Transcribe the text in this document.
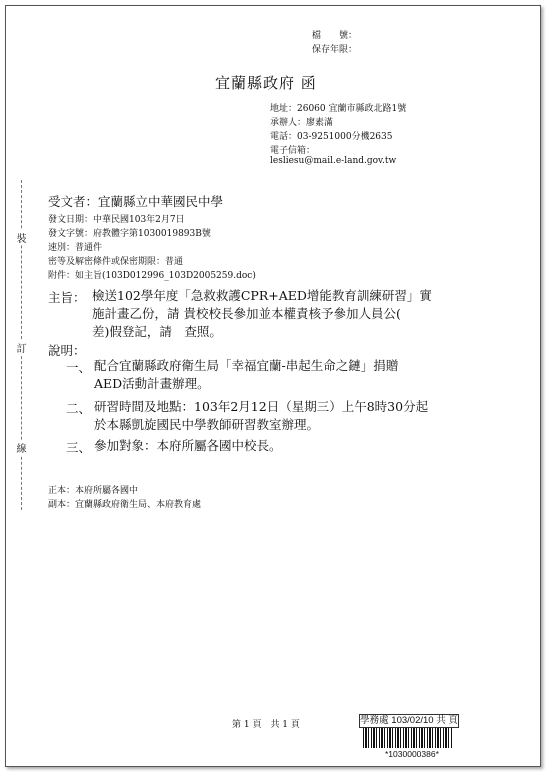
檔　　號：
保存年限：
宜蘭縣政府 函
地址：26060 宜蘭市縣政北路1號
承辦人：廖素滿
電話：03-9251000分機2635
電子信箱：
lesliesu@mail.e-land.gov.tw
受文者：宜蘭縣立中華國民中學
發文日期：中華民國103年2月7日
發文字號：府教體字第1030019893B號
速別：普通件
密等及解密條件或保密期限：普通
附件：如主旨(103D012996_103D2005259.doc)
主旨： 檢送102學年度「急救救護CPR+AED增能教育訓練研習」實
施計畫乙份，請 貴校校長參加並本權責核予參加人員公(
差)假登記，請　查照。
說明：
一、 配合宜蘭縣政府衛生局「幸福宜蘭-串起生命之鏈」捐贈
AED活動計畫辦理。
二、 研習時間及地點：103年2月12日（星期三）上午8時30分起
於本縣凱旋國民中學教師研習教室辦理。
三、 參加對象：本府所屬各國中校長。
正本：本府所屬各國中
副本：宜蘭縣政府衛生局、本府教育處
裝
訂
線
第 1 頁　共 1 頁	學務處 103/02/10 共 頁
*1030000386*
